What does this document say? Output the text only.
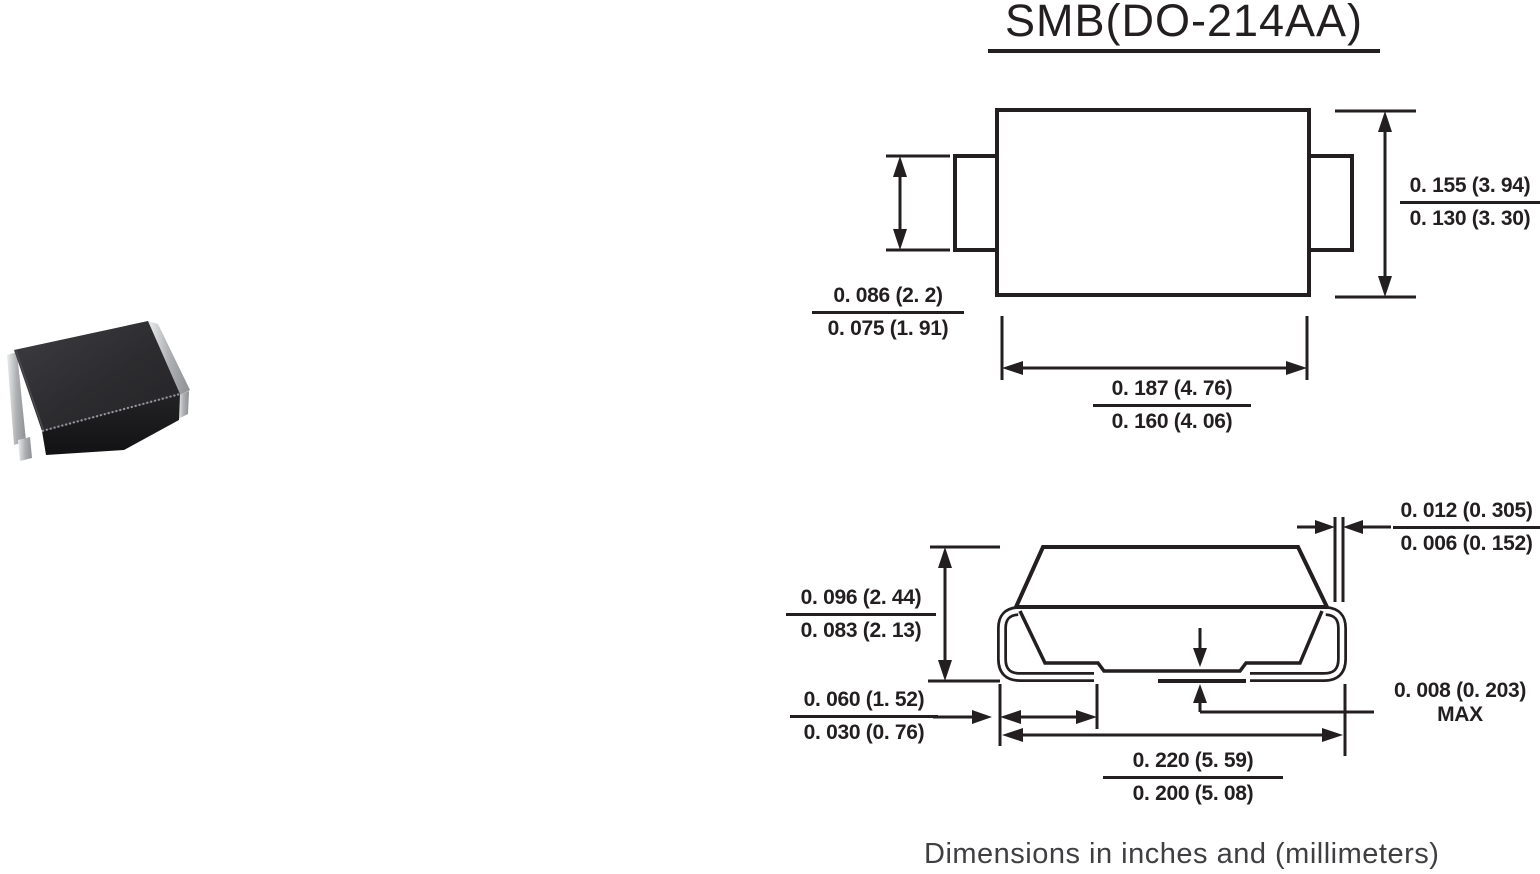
SMB(DO-214AA)
$\frac{0. 086 (2. 2)}{0. 075 (1. 91)}$
$\frac{0. 155 (3. 94)}{0. 130 (3. 30)}$
$\frac{0. 187 (4. 76)}{0. 160 (4. 06)}$
$\frac{0. 096 (2. 44)}{0. 083 (2. 13)}$
$\frac{0. 060 (1. 52)}{0. 030 (0. 76)}$
$\frac{0. 012 (0. 305)}{0. 006 (0. 152)}$
0. 008 (0. 203)
MAX
$\frac{0. 220 (5. 59)}{0. 200 (5. 08)}$
Dimensions in inches and (millimeters)
